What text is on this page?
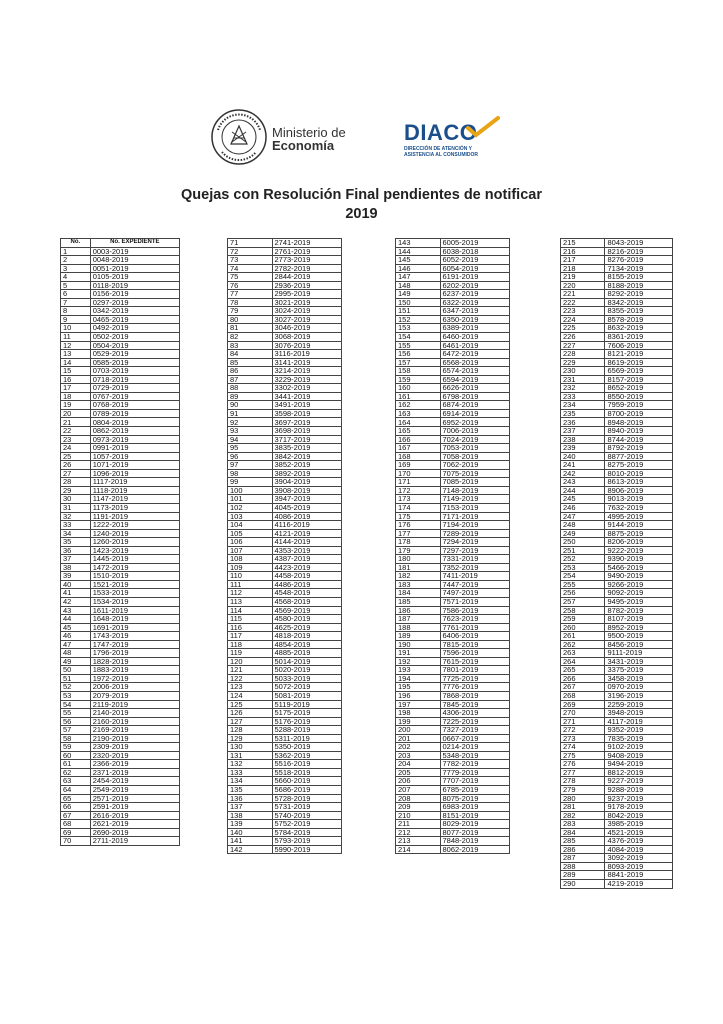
Ministerio de
Economía
DIACO
DIRECCIÓN DE ATENCIÓN Y
ASISTENCIA AL CONSUMIDOR
Quejas con Resolución Final pendientes de notificar
2019
No.	No. EXPEDIENTE
1	0003-2019
2	0048-2019
3	0051-2019
4	0105-2019
5	0118-2019
6	0156-2019
7	0297-2019
8	0342-2019
9	0465-2019
10	0492-2019
11	0502-2019
12	0504-2019
13	0529-2019
14	0585-2019
15	0703-2019
16	0718-2019
17	0729-2019
18	0767-2019
19	0768-2019
20	0789-2019
21	0804-2019
22	0862-2019
23	0973-2019
24	0991-2019
25	1057-2019
26	1071-2019
27	1096-2019
28	1117-2019
29	1118-2019
30	1147-2019
31	1173-2019
32	1191-2019
33	1222-2019
34	1240-2019
35	1260-2019
36	1423-2019
37	1445-2019
38	1472-2019
39	1510-2019
40	1521-2019
41	1533-2019
42	1534-2019
43	1611-2019
44	1648-2019
45	1691-2019
46	1743-2019
47	1747-2019
48	1796-2019
49	1828-2019
50	1883-2019
51	1972-2019
52	2006-2019
53	2079-2019
54	2119-2019
55	2140-2019
56	2160-2019
57	2169-2019
58	2190-2019
59	2309-2019
60	2320-2019
61	2366-2019
62	2371-2019
63	2454-2019
64	2549-2019
65	2571-2019
66	2591-2019
67	2616-2019
68	2621-2019
69	2690-2019
70	2711-2019
71	2741-2019
72	2761-2019
73	2773-2019
74	2782-2019
75	2844-2019
76	2936-2019
77	2995-2019
78	3021-2019
79	3024-2019
80	3027-2019
81	3046-2019
82	3068-2019
83	3076-2019
84	3116-2019
85	3141-2019
86	3214-2019
87	3229-2019
88	3302-2019
89	3441-2019
90	3491-2019
91	3598-2019
92	3697-2019
93	3698-2019
94	3717-2019
95	3835-2019
96	3842-2019
97	3852-2019
98	3892-2019
99	3904-2019
100	3908-2019
101	3947-2019
102	4045-2019
103	4086-2019
104	4116-2019
105	4121-2019
106	4144-2019
107	4353-2019
108	4387-2019
109	4423-2019
110	4458-2019
111	4486-2019
112	4548-2019
113	4568-2019
114	4569-2019
115	4580-2019
116	4625-2019
117	4818-2019
118	4854-2019
119	4885-2019
120	5014-2019
121	5020-2019
122	5033-2019
123	5072-2019
124	5081-2019
125	5119-2019
126	5175-2019
127	5176-2019
128	5288-2019
129	5311-2019
130	5350-2019
131	5362-2019
132	5516-2019
133	5518-2019
134	5660-2019
135	5686-2019
136	5728-2019
137	5731-2019
138	5740-2019
139	5752-2019
140	5784-2019
141	5793-2019
142	5990-2019
143	6005-2019
144	6038-2018
145	6052-2019
146	6054-2019
147	6191-2019
148	6202-2019
149	6237-2019
150	6322-2019
151	6347-2019
152	6350-2019
153	6389-2019
154	6460-2019
155	6461-2019
156	6472-2019
157	6568-2019
158	6574-2019
159	6594-2019
160	6626-2019
161	6798-2019
162	6874-2019
163	6914-2019
164	6952-2019
165	7006-2019
166	7024-2019
167	7053-2019
168	7058-2019
169	7062-2019
170	7075-2019
171	7085-2019
172	7148-2019
173	7149-2019
174	7153-2019
175	7171-2019
176	7194-2019
177	7289-2019
178	7294-2019
179	7297-2019
180	7331-2019
181	7352-2019
182	7411-2019
183	7447-2019
184	7497-2019
185	7571-2019
186	7586-2019
187	7623-2019
188	7761-2019
189	6406-2019
190	7815-2019
191	7596-2019
192	7615-2019
193	7801-2019
194	7725-2019
195	7776-2019
196	7868-2019
197	7845-2019
198	4306-2019
199	7225-2019
200	7327-2019
201	0667-2019
202	0214-2019
203	5348-2019
204	7782-2019
205	7779-2019
206	7707-2019
207	6785-2019
208	8075-2019
209	6983-2019
210	8151-2019
211	8029-2019
212	8077-2019
213	7848-2019
214	8062-2019
215	8043-2019
216	8216-2019
217	8276-2019
218	7134-2019
219	8155-2019
220	8188-2019
221	8292-2019
222	8342-2019
223	8355-2019
224	8578-2019
225	8632-2019
226	8361-2019
227	7606-2019
228	8121-2019
229	8619-2019
230	6569-2019
231	8157-2019
232	8652-2019
233	8550-2019
234	7959-2019
235	8700-2019
236	8948-2019
237	8940-2019
238	8744-2019
239	8792-2019
240	8877-2019
241	8275-2019
242	8010-2019
243	8613-2019
244	8906-2019
245	9013-2019
246	7632-2019
247	4995-2019
248	9144-2019
249	8875-2019
250	8206-2019
251	9222-2019
252	9390-2019
253	5466-2019
254	9490-2019
255	9266-2019
256	9092-2019
257	9495-2019
258	8782-2019
259	8107-2019
260	8952-2019
261	9500-2019
262	8456-2019
263	9111-2019
264	3431-2019
265	3375-2019
266	3458-2019
267	0970-2019
268	3196-2019
269	2259-2019
270	3948-2019
271	4117-2019
272	9352-2019
273	7835-2019
274	9102-2019
275	9408-2019
276	9494-2019
277	8812-2019
278	9227-2019
279	9288-2019
280	9237-2019
281	9178-2019
282	8042-2019
283	3985-2019
284	4521-2019
285	4376-2019
286	4084-2019
287	3092-2019
288	8093-2019
289	8841-2019
290	4219-2019
